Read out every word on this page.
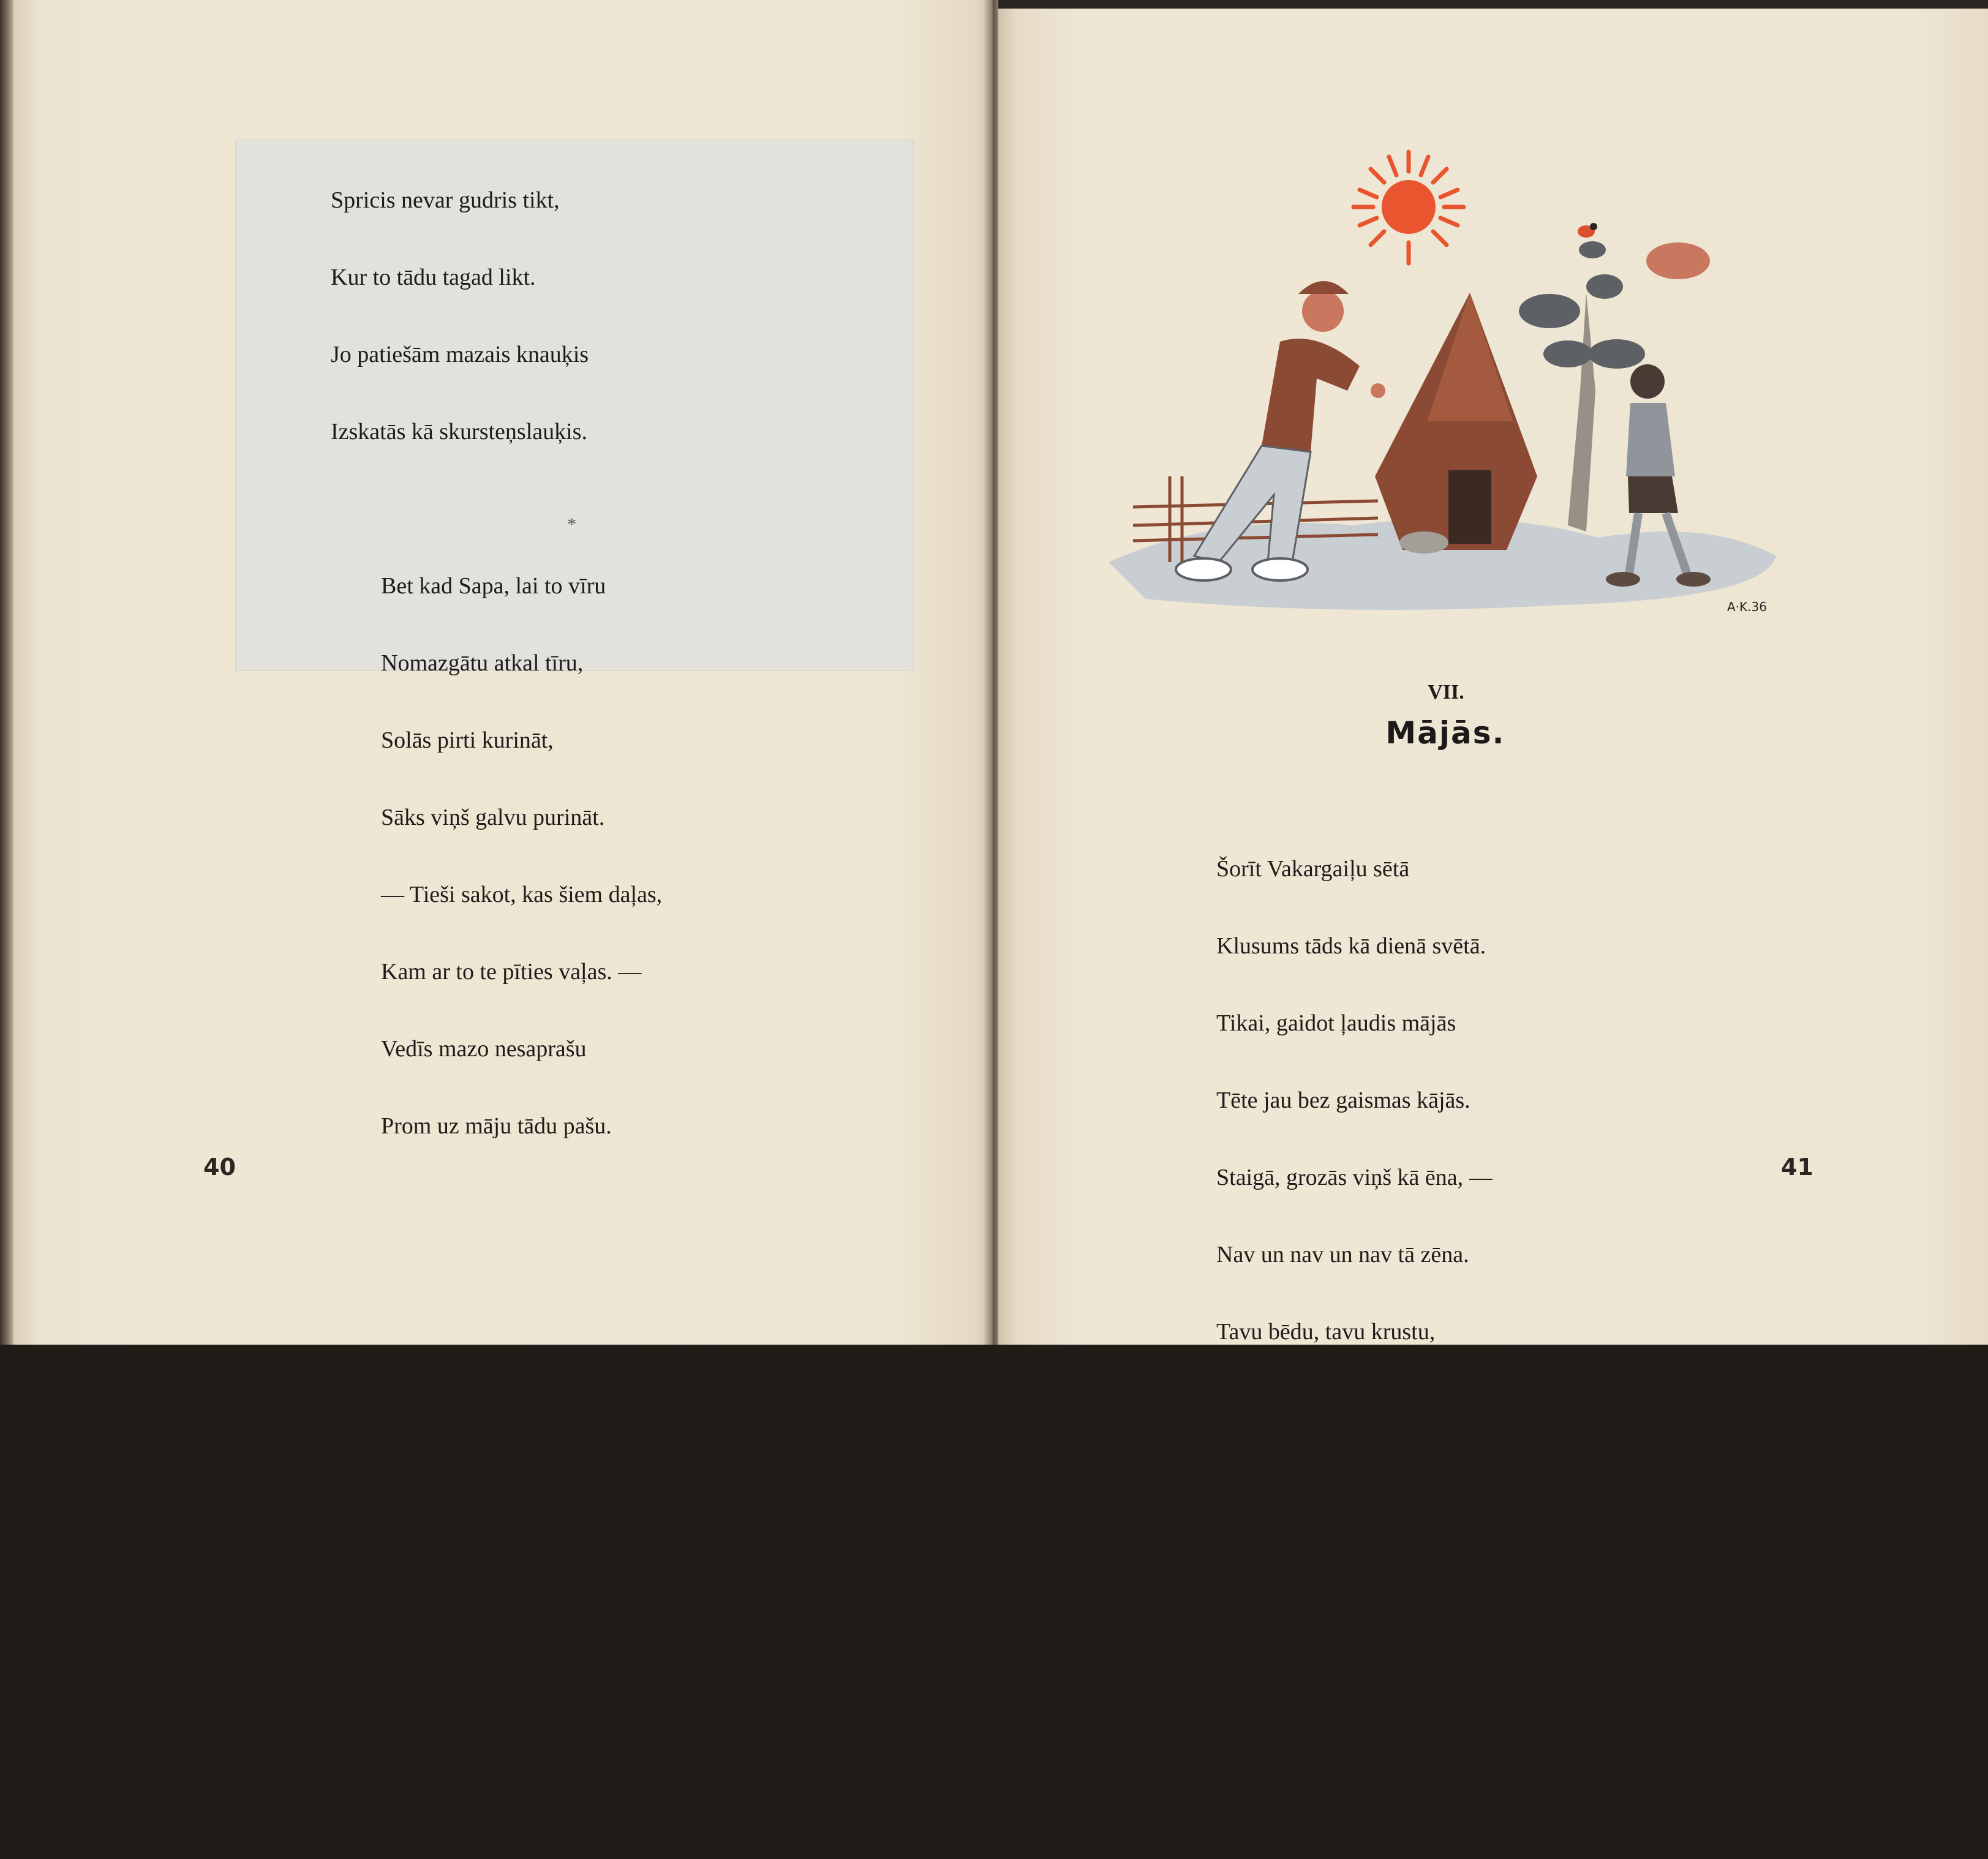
Spricis nevar gudris tikt,

Kur to tādu tagad likt.

Jo patiešām mazais knauķis

Izskatās kā skursteņslauķis.

Bet kad Sapa, lai to vīru

Nomazgātu atkal tīru,

Solās pirti kurināt,

Sāks viņš galvu purināt.

— Tieši sakot, kas šiem daļas,

Kam ar to te pīties vaļas. —

Vedīs mazo nesaprašu

Prom uz māju tādu pašu.

*
40
A·K.36
VII.
Mājās.

Šorīt Vakargaiļu sētā

Klusums tāds kā dienā svētā.

Tikai, gaidot ļaudis mājās

Tēte jau bez gaismas kājās.

Staigā, grozās viņš kā ēna, —

Nav un nav un nav tā zēna.

Tavu bēdu, tavu krustu,

Ka nu tikai nepazustu!

Ko tad tēvam, mātei sacīs,

Kā tad rādīsies tiem acīs?

Bet kad pulkstens rāda seši,

Izklīst bēdu padebeši:

41
